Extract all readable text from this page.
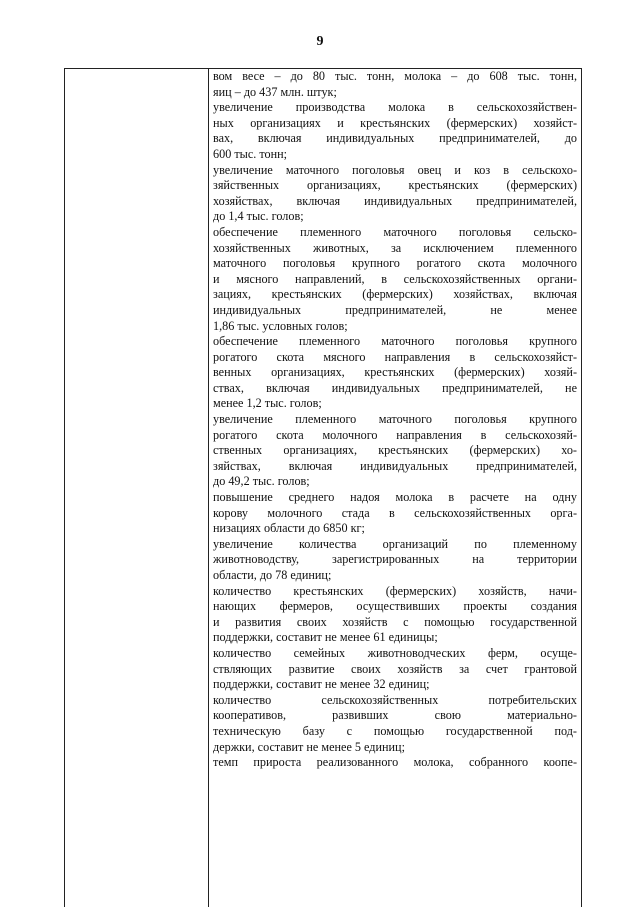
9

вом весе – до 80 тыс. тонн, молока – до 608 тыс. тонн,
яиц – до 437 млн. штук;

увеличение производства молока в сельскохозяйствен-
ных организациях и крестьянских (фермерских) хозяйст-
вах, включая индивидуальных предпринимателей, до
600 тыс. тонн;

увеличение маточного поголовья овец и коз в сельскохо-
зяйственных организациях, крестьянских (фермерских)
хозяйствах, включая индивидуальных предпринимателей,
до 1,4 тыс. голов;

обеспечение племенного маточного поголовья сельско-
хозяйственных животных, за исключением племенного
маточного поголовья крупного рогатого скота молочного
и мясного направлений, в сельскохозяйственных органи-
зациях, крестьянских (фермерских) хозяйствах, включая
индивидуальных предпринимателей, не менее
1,86 тыс. условных голов;

обеспечение племенного маточного поголовья крупного
рогатого скота мясного направления в сельскохозяйст-
венных организациях, крестьянских (фермерских) хозяй-
ствах, включая индивидуальных предпринимателей, не
менее 1,2 тыс. голов;

увеличение племенного маточного поголовья крупного
рогатого скота молочного направления в сельскохозяй-
ственных организациях, крестьянских (фермерских) хо-
зяйствах, включая индивидуальных предпринимателей,
до 49,2 тыс. голов;

повышение среднего надоя молока в расчете на одну
корову молочного стада в сельскохозяйственных орга-
низациях области до 6850 кг;

увеличение количества организаций по племенному
животноводству, зарегистрированных на территории
области, до 78 единиц;

количество крестьянских (фермерских) хозяйств, начи-
нающих фермеров, осуществивших проекты создания
и развития своих хозяйств с помощью государственной
поддержки, составит не менее 61 единицы;

количество семейных животноводческих ферм, осуще-
ствляющих развитие своих хозяйств за счет грантовой
поддержки, составит не менее 32 единиц;

количество сельскохозяйственных потребительских
кооперативов, развивших свою материально-
техническую базу с помощью государственной под-
держки, составит не менее 5 единиц;

темп прироста реализованного молока, собранного коопе-
